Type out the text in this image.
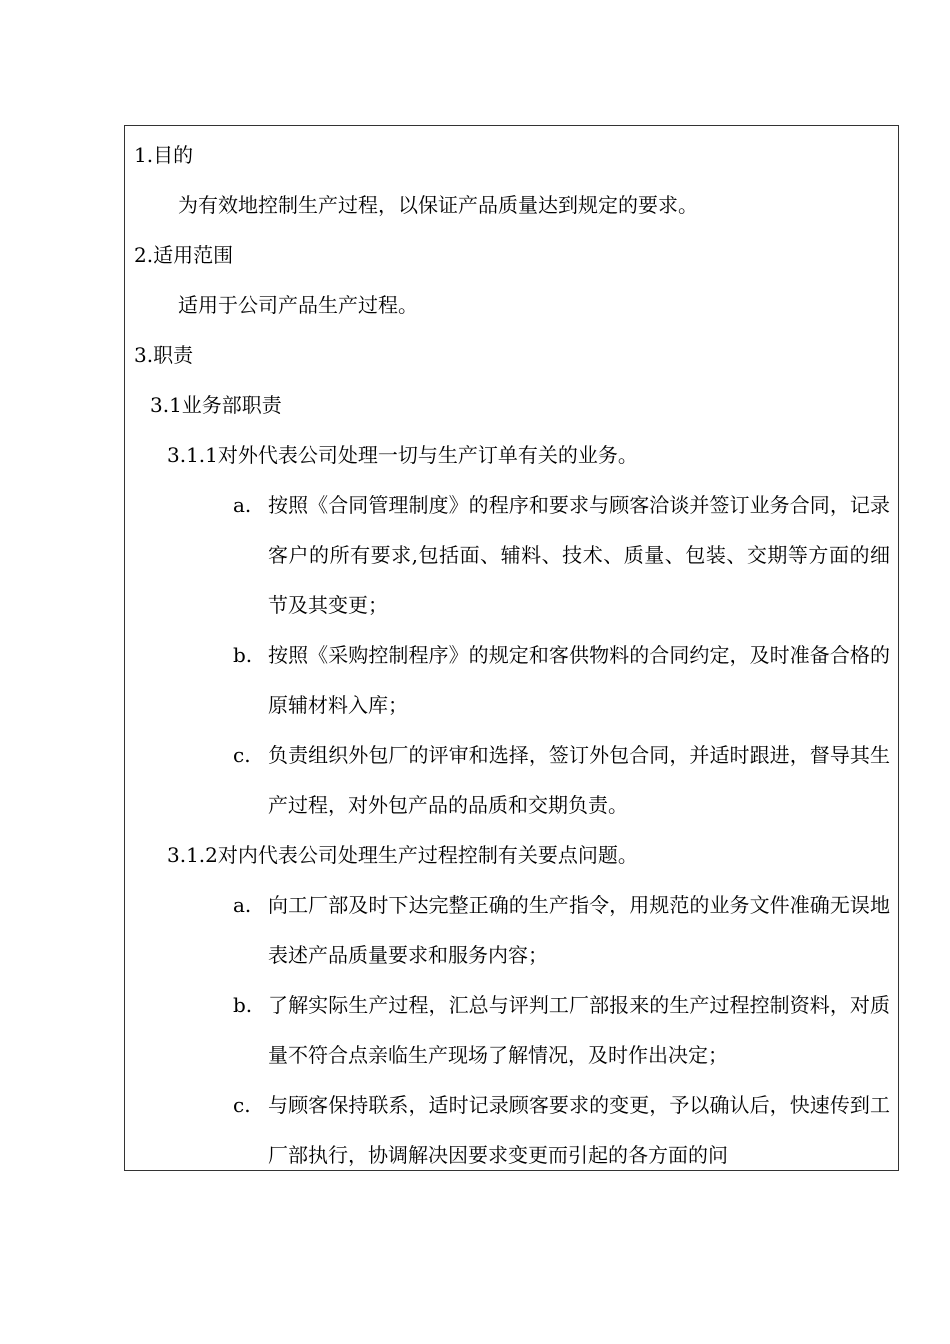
1.目的
为有效地控制生产过程，以保证产品质量达到规定的要求。
2.适用范围
适用于公司产品生产过程。
3.职责
3.1业务部职责
3.1.1对外代表公司处理一切与生产订单有关的业务。
a. 按照《合同管理制度》的程序和要求与顾客洽谈并签订业务合同，记录客户的所有要求,包括面、辅料、技术、质量、包装、交期等方面的细节及其变更；
b. 按照《采购控制程序》的规定和客供物料的合同约定，及时准备合格的原辅材料入库；
c. 负责组织外包厂的评审和选择，签订外包合同，并适时跟进，督导其生产过程，对外包产品的品质和交期负责。
3.1.2对内代表公司处理生产过程控制有关要点问题。
a. 向工厂部及时下达完整正确的生产指令，用规范的业务文件准确无误地表述产品质量要求和服务内容；
b. 了解实际生产过程，汇总与评判工厂部报来的生产过程控制资料，对质量不符合点亲临生产现场了解情况，及时作出决定；
c. 与顾客保持联系，适时记录顾客要求的变更，予以确认后，快速传到工厂部执行，协调解决因要求变更而引起的各方面的问
